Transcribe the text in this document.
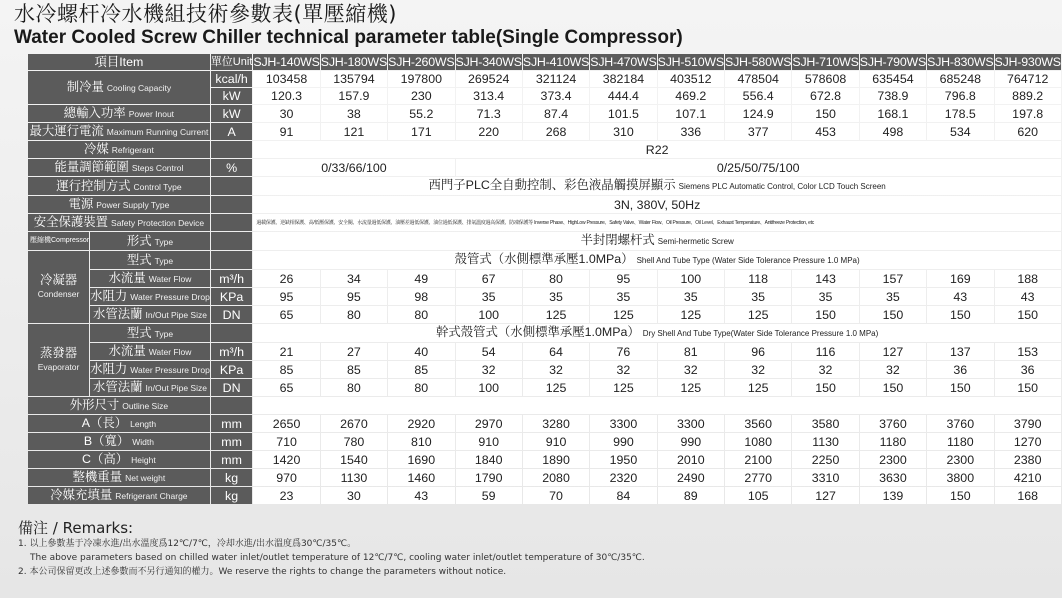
水冷螺杆冷水機組技術參數表(單壓縮機)
Water Cooled Screw Chiller technical parameter table(Single Compressor)
項目Item		單位Unit	SJH-140WS	SJH-180WS	SJH-260WS	SJH-340WS	SJH-410WS	SJH-470WS	SJH-510WS	SJH-580WS	SJH-710WS	SJH-790WS	SJH-830WS	SJH-930WS
制冷量 Cooling Capacity		kcal/h	103458	135794	197800	269524	321124	382184	403512	478504	578608	635454	685248	764712
		kW	120.3	157.9	230	313.4	373.4	444.4	469.2	556.4	672.8	738.9	796.8	889.2
總輸入功率 Power Inout		kW	30	38	55.2	71.3	87.4	101.5	107.1	124.9	150	168.1	178.5	197.8
最大運行電流 Maximum Running Current		A	91	121	171	220	268	310	336	377	453	498	534	620
冷媒 Refrigerant			R22											
能量調節範圍 Steps Control		%	0/33/66/100			0/25/50/75/100								
運行控制方式 Control Type			西門子PLC全自動控制、彩色液晶觸摸屏顯示 Siemens PLC Automatic Control, Color LCD Touch Screen											
電源 Power Supply Type			3N, 380V, 50Hz											
安全保護裝置 Safety Protection Device			過載保護、逆缺相保護、高/低壓保護、安全閥、水流量過低保護、油壓差過低保護、油位過低保護、排氣溫度過高保護、防凍保護等 Inverse Phase、HighLow Pressure、Safety Valve、Water Flow、Oil Pressure、Oil Level、Exhaust Temperature、Antifreeze Protection, etc											
壓縮機Compressor	形式 Type		半封閉螺杆式 Semi-hermetic Screw											
冷凝器
Condenser	型式 Type		殼管式（水側標準承壓1.0MPa） Shell And Tube Type (Water Side Tolerance Pressure 1.0 MPa)											
	水流量 Water Flow	m³/h	26	34	49	67	80	95	100	118	143	157	169	188
	水阻力 Water Pressure Drop	KPa	95	95	98	35	35	35	35	35	35	35	43	43
	水管法蘭 In/Out Pipe Size	DN	65	80	80	100	125	125	125	125	150	150	150	150
蒸發器
Evaporator	型式 Type		幹式殼管式（水側標準承壓1.0MPa） Dry Shell And Tube Type(Water Side Tolerance Pressure 1.0 MPa)											
	水流量 Water Flow	m³/h	21	27	40	54	64	76	81	96	116	127	137	153
	水阻力 Water Pressure Drop	KPa	85	85	85	32	32	32	32	32	32	32	36	36
	水管法蘭 In/Out Pipe Size	DN	65	80	80	100	125	125	125	125	150	150	150	150
外形尺寸 Outline Size														
A（長） Length		mm	2650	2670	2920	2970	3280	3300	3300	3560	3580	3760	3760	3790
B（寬） Width		mm	710	780	810	910	910	990	990	1080	1130	1180	1180	1270
C（高） Height		mm	1420	1540	1690	1840	1890	1950	2010	2100	2250	2300	2300	2380
整機重量 Net weight		kg	970	1130	1460	1790	2080	2320	2490	2770	3310	3630	3800	4210
冷媒充填量 Refrigerant Charge		kg	23	30	43	59	70	84	89	105	127	139	150	168
備注 / Remarks:
1. 以上參數基于冷凍水進/出水溫度爲12℃/7℃，冷却水進/出水溫度爲30℃/35℃。
The above parameters based on chilled water inlet/outlet temperature of 12℃/7℃, cooling water inlet/outlet temperature of 30℃/35℃.
2. 本公司保留更改上述參數而不另行通知的權力。We reserve the rights to change the parameters without notice.
